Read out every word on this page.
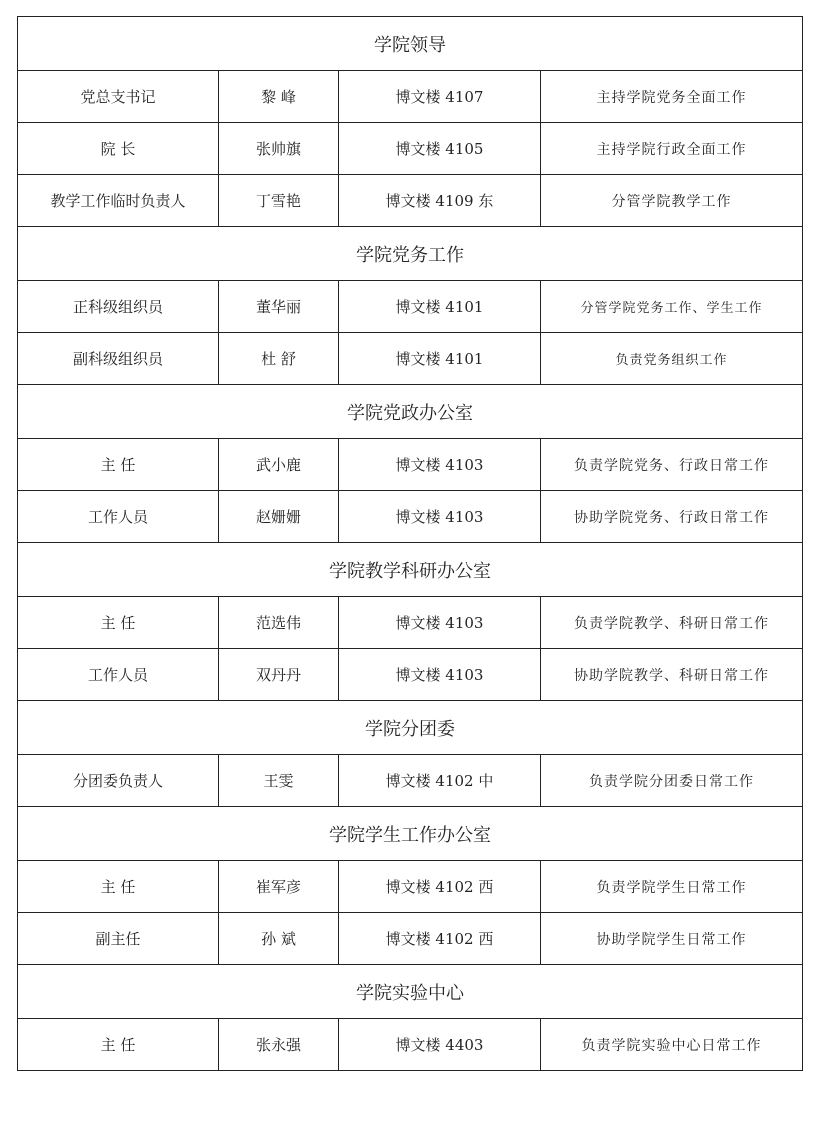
学院领导			
党总支书记	黎 峰	博文楼 4107	主持学院党务全面工作
院 长	张帅旗	博文楼 4105	主持学院行政全面工作
教学工作临时负责人	丁雪艳	博文楼 4109 东	分管学院教学工作
学院党务工作			
正科级组织员	董华丽	博文楼 4101	分管学院党务工作、学生工作
副科级组织员	杜 舒	博文楼 4101	负责党务组织工作
学院党政办公室			
主 任	武小鹿	博文楼 4103	负责学院党务、行政日常工作
工作人员	赵姗姗	博文楼 4103	协助学院党务、行政日常工作
学院教学科研办公室			
主 任	范选伟	博文楼 4103	负责学院教学、科研日常工作
工作人员	双丹丹	博文楼 4103	协助学院教学、科研日常工作
学院分团委			
分团委负责人	王雯	博文楼 4102 中	负责学院分团委日常工作
学院学生工作办公室			
主 任	崔军彦	博文楼 4102 西	负责学院学生日常工作
副主任	孙 斌	博文楼 4102 西	协助学院学生日常工作
学院实验中心			
主 任	张永强	博文楼 4403	负责学院实验中心日常工作
